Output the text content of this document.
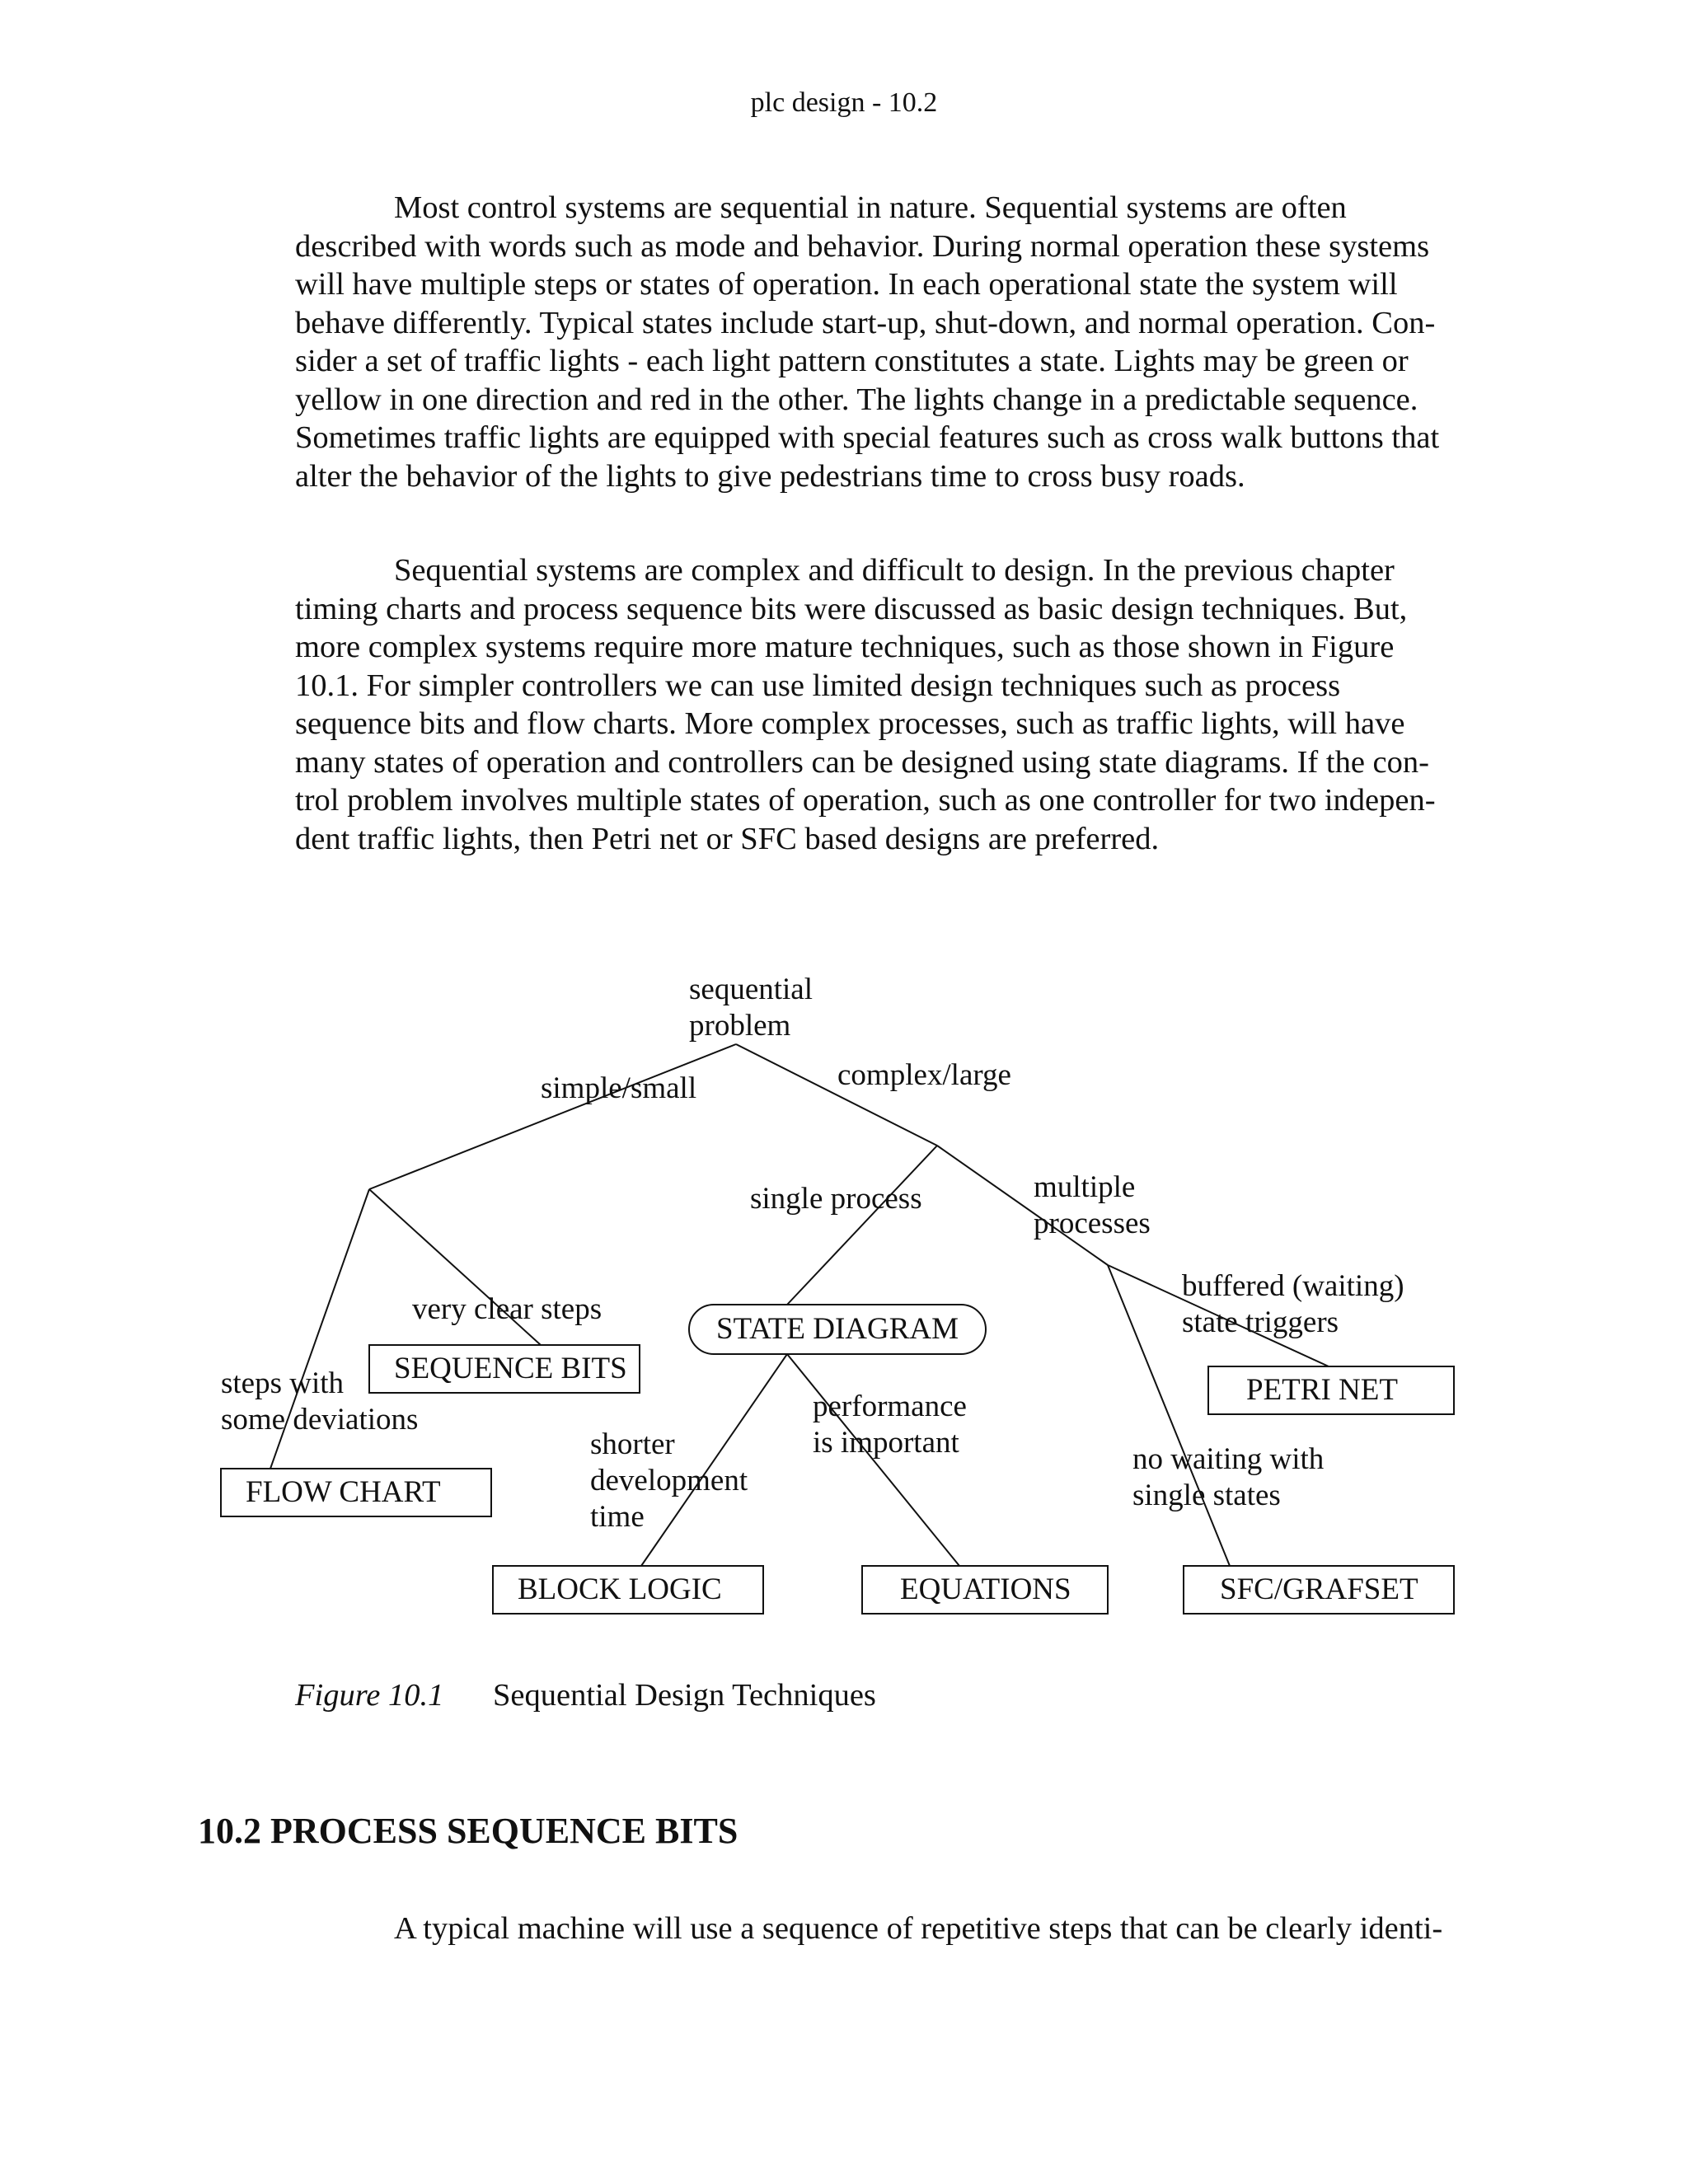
plc design - 10.2
Most control systems are sequential in nature. Sequential systems are often
described with words such as mode and behavior. During normal operation these systems
will have multiple steps or states of operation. In each operational state the system will
behave differently. Typical states include start-up, shut-down, and normal operation. Con-
sider a set of traffic lights - each light pattern constitutes a state. Lights may be green or
yellow in one direction and red in the other. The lights change in a predictable sequence.
Sometimes traffic lights are equipped with special features such as cross walk buttons that
alter the behavior of the lights to give pedestrians time to cross busy roads.
Sequential systems are complex and difficult to design. In the previous chapter
timing charts and process sequence bits were discussed as basic design techniques. But,
more complex systems require more mature techniques, such as those shown in Figure
10.1. For simpler controllers we can use limited design techniques such as process
sequence bits and flow charts. More complex processes, such as traffic lights, will have
many states of operation and controllers can be designed using state diagrams. If the con-
trol problem involves multiple states of operation, such as one controller for two indepen-
dent traffic lights, then Petri net or SFC based designs are preferred.
STATE DIAGRAM
SEQUENCE BITS
FLOW CHART
PETRI NET
BLOCK LOGIC	EQUATIONS	SFC/GRAFSET
sequential
problem
simple/small	complex/large
single process	multiple
processes
very clear steps
steps with
some deviations
buffered (waiting)
state triggers
performance
is important
shorter
development
time
no waiting with
single states
Figure 10.1 Sequential Design Techniques
10.2 PROCESS SEQUENCE BITS

A typical machine will use a sequence of repetitive steps that can be clearly identi-
